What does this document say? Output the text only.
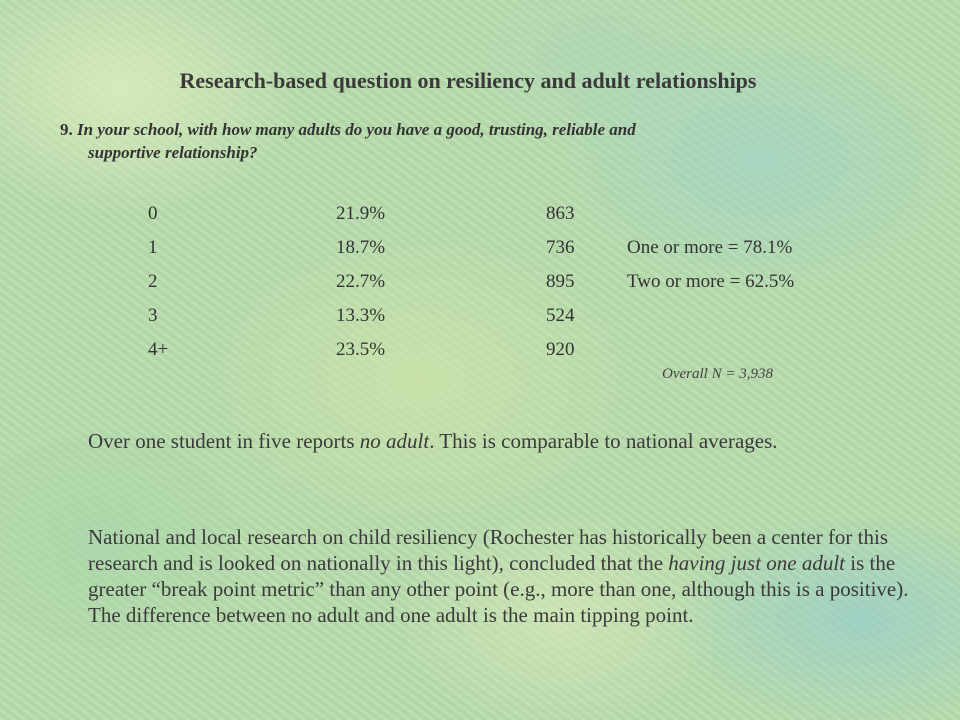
Research-based question on resiliency and adult relationships
9. In your school, with how many adults do you have a good, trusting, reliable and
supportive relationship?
0	21.9%	863
1	18.7%	736	One or more = 78.1%
2	22.7%	895	Two or more = 62.5%
3	13.3%	524
4+	23.5%	920
Overall N = 3,938

Over one student in five reports no adult. This is comparable to national averages.

National and local research on child resiliency (Rochester has historically been a center for this research and is looked on nationally in this light), concluded that the having just one adult is the greater “break point metric” than any other point (e.g., more than one, although this is a positive). The difference between no adult and one adult is the main tipping point.
